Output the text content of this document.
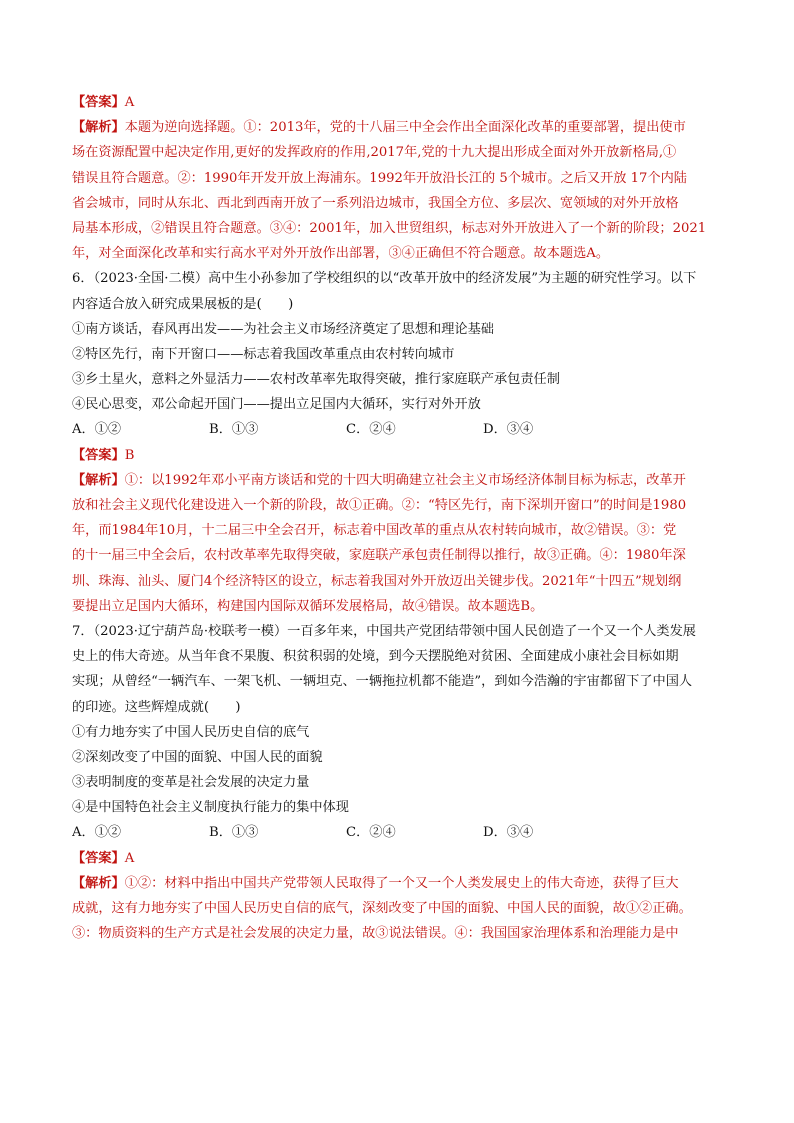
【答案】A
【解析】本题为逆向选择题。①：2013年，党的十八届三中全会作出全面深化改革的重要部署，提出使市
场在资源配置中起决定作用,更好的发挥政府的作用,2017年,党的十九大提出形成全面对外开放新格局,①
错误且符合题意。②：1990年开发开放上海浦东。1992年开放沿长江的 5个城市。之后又开放 17个内陆
省会城市，同时从东北、西北到西南开放了一系列沿边城市，我国全方位、多层次、宽领域的对外开放格
局基本形成，②错误且符合题意。③④：2001年，加入世贸组织，标志对外开放进入了一个新的阶段；2021
年，对全面深化改革和实行高水平对外开放作出部署，③④正确但不符合题意。故本题选A。
6．（2023·全国·二模）高中生小孙参加了学校组织的以“改革开放中的经济发展”为主题的研究性学习。以下
内容适合放入研究成果展板的是(　　)
①南方谈话，春风再出发——为社会主义市场经济奠定了思想和理论基础
②特区先行，南下开窗口——标志着我国改革重点由农村转向城市
③乡土星火，意料之外显活力——农村改革率先取得突破，推行家庭联产承包责任制
④民心思变，邓公命起开国门——提出立足国内大循环，实行对外开放
A．①②	B．①③	C．②④	D．③④
【答案】B
【解析】①：以1992年邓小平南方谈话和党的十四大明确建立社会主义市场经济体制目标为标志，改革开
放和社会主义现代化建设进入一个新的阶段，故①正确。②：“特区先行，南下深圳开窗口”的时间是1980
年，而1984年10月，十二届三中全会召开，标志着中国改革的重点从农村转向城市，故②错误。③：党
的十一届三中全会后，农村改革率先取得突破，家庭联产承包责任制得以推行，故③正确。④：1980年深
圳、珠海、汕头、厦门4个经济特区的设立，标志着我国对外开放迈出关键步伐。2021年“十四五”规划纲
要提出立足国内大循环，构建国内国际双循环发展格局，故④错误。故本题选B。
7．（2023·辽宁葫芦岛·校联考一模）一百多年来，中国共产党团结带领中国人民创造了一个又一个人类发展
史上的伟大奇迹。从当年食不果腹、积贫积弱的处境，到今天摆脱绝对贫困、全面建成小康社会目标如期
实现；从曾经“一辆汽车、一架飞机、一辆坦克、一辆拖拉机都不能造”，到如今浩瀚的宇宙都留下了中国人
的印迹。这些辉煌成就(　　)
①有力地夯实了中国人民历史自信的底气
②深刻改变了中国的面貌、中国人民的面貌
③表明制度的变革是社会发展的决定力量
④是中国特色社会主义制度执行能力的集中体现
A．①②	B．①③	C．②④	D．③④
【答案】A
【解析】①②：材料中指出中国共产党带领人民取得了一个又一个人类发展史上的伟大奇迹，获得了巨大
成就，这有力地夯实了中国人民历史自信的底气，深刻改变了中国的面貌、中国人民的面貌，故①②正确。
③：物质资料的生产方式是社会发展的决定力量，故③说法错误。④：我国国家治理体系和治理能力是中
